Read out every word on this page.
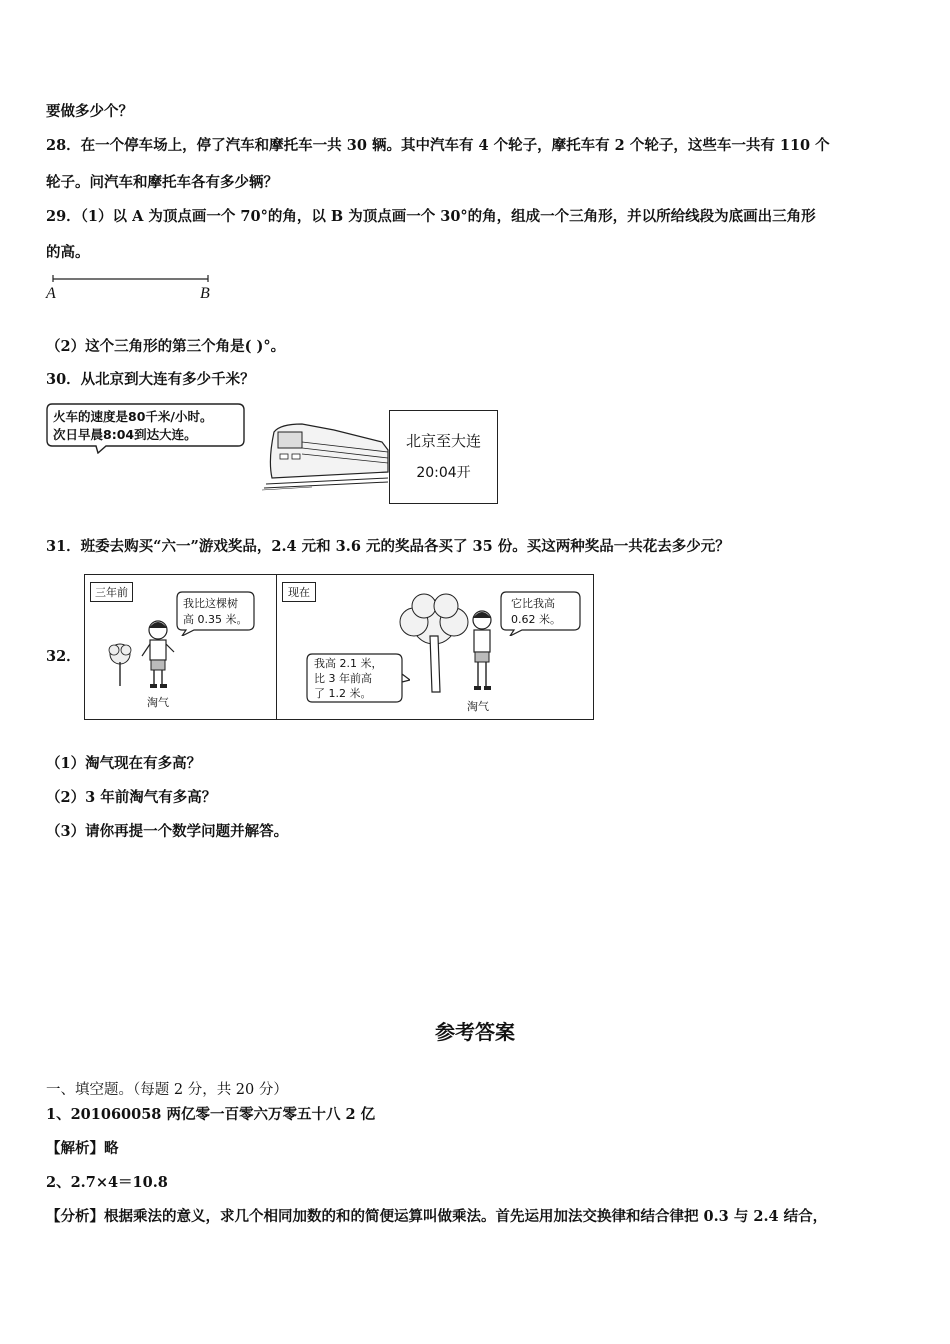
要做多少个？
28．在一个停车场上，停了汽车和摩托车一共 30 辆。其中汽车有 4 个轮子，摩托车有 2 个轮子，这些车一共有 110 个
轮子。问汽车和摩托车各有多少辆？
29．（1）以 A 为顶点画一个 70°的角，以 B 为顶点画一个 30°的角，组成一个三角形，并以所给线段为底画出三角形
的高。
A	B
（2）这个三角形的第三个角是( )°。
30．从北京到大连有多少千米？
火车的速度是80千米/小时。
次日早晨8:04到达大连。	北京至大连
20:04开
31．班委去购买“六一”游戏奖品，2.4 元和 3.6 元的奖品各买了 35 份。买这两种奖品一共花去多少元？
32．
三年前
我比这棵树
高 0.35 米。
淘气
现在
它比我高
0.62 米。
我高 2.1 米，
比 3 年前高
了 1.2 米。
淘气
（1）淘气现在有多高？
（2）3 年前淘气有多高？
（3）请你再提一个数学问题并解答。
参考答案
一、填空题。（每题 2 分，共 20 分）
1、201060058 两亿零一百零六万零五十八 2 亿
【解析】略
2、2.7×4＝10.8
【分析】根据乘法的意义，求几个相同加数的和的简便运算叫做乘法。首先运用加法交换律和结合律把 0.3 与 2.4 结合，
